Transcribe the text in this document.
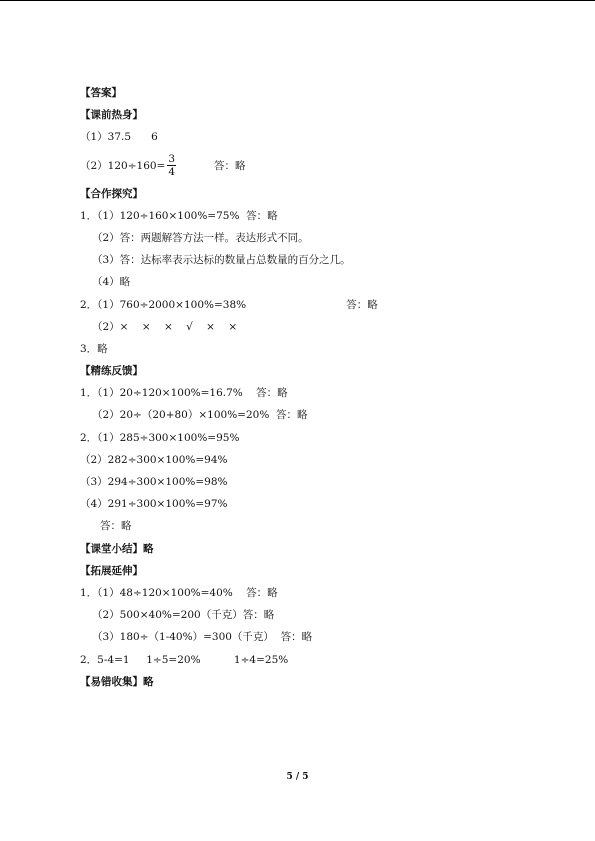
【答案】
【课前热身】
（1）37.5      6
$(2)120\div 160= \frac{3}{4}$	答：略
【合作探究】
1．（1）120÷160×100%=75%  答：略
（2）答：两题解答方法一样。表达形式不同。
（3）答：达标率表示达标的数量占总数量的百分之几。
（4）略
2．（1）760÷2000×100%=38%                              答：略
（2）×    ×    ×    √    ×    ×
3．略
【精练反馈】
1．（1）20÷120×100%=16.7%    答：略
（2）20÷（20+80）×100%=20%  答：略
2．（1）285÷300×100%=95%
（2）282÷300×100%=94%
（3）294÷300×100%=98%
（4）291÷300×100%=97%
答：略
【课堂小结】略
【拓展延伸】
1．（1）48÷120×100%=40%    答：略
（2）500×40%=200（千克）答：略
（3）180÷（1-40%）=300（千克）  答：略
2．5-4=1     1÷5=20%          1÷4=25%
【易错收集】略
5 / 5
